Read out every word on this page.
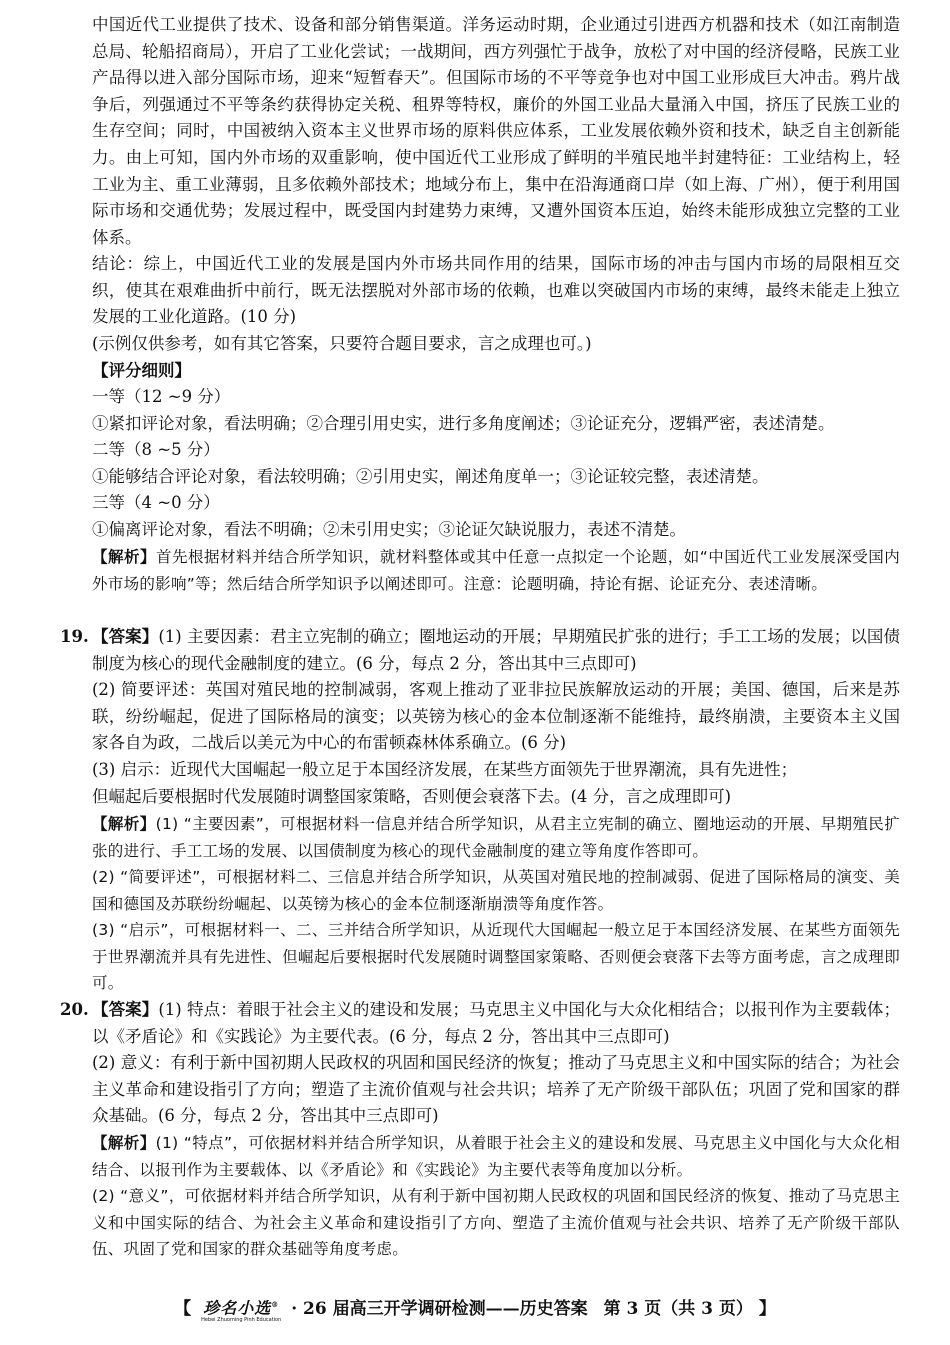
中国近代工业提供了技术、设备和部分销售渠道。洋务运动时期，企业通过引进西方机器和技术（如江南制造总局、轮船招商局），开启了工业化尝试；一战期间，西方列强忙于战争，放松了对中国的经济侵略，民族工业产品得以进入部分国际市场，迎来“短暂春天”。但国际市场的不平等竞争也对中国工业形成巨大冲击。鸦片战争后，列强通过不平等条约获得协定关税、租界等特权，廉价的外国工业品大量涌入中国，挤压了民族工业的生存空间；同时，中国被纳入资本主义世界市场的原料供应体系，工业发展依赖外资和技术，缺乏自主创新能力。由上可知，国内外市场的双重影响，使中国近代工业形成了鲜明的半殖民地半封建特征：工业结构上，轻工业为主、重工业薄弱，且多依赖外部技术；地域分布上，集中在沿海通商口岸（如上海、广州），便于利用国际市场和交通优势；发展过程中，既受国内封建势力束缚，又遭外国资本压迫，始终未能形成独立完整的工业体系。

结论：综上，中国近代工业的发展是国内外市场共同作用的结果，国际市场的冲击与国内市场的局限相互交织，使其在艰难曲折中前行，既无法摆脱对外部市场的依赖，也难以突破国内市场的束缚，最终未能走上独立发展的工业化道路。(10 分)

(示例仅供参考，如有其它答案，只要符合题目要求，言之成理也可。)

【评分细则】

一等（12 ~9 分）

①紧扣评论对象，看法明确；②合理引用史实，进行多角度阐述；③论证充分，逻辑严密，表述清楚。

二等（8 ~5 分）

①能够结合评论对象，看法较明确；②引用史实，阐述角度单一；③论证较完整，表述清楚。

三等（4 ~0 分）

①偏离评论对象，看法不明确；②未引用史实；③论证欠缺说服力，表述不清楚。

【解析】首先根据材料并结合所学知识，就材料整体或其中任意一点拟定一个论题，如“中国近代工业发展深受国内外市场的影响”等；然后结合所学知识予以阐述即可。注意：论题明确，持论有据、论证充分、表述清晰。

19. 【答案】(1) 主要因素：君主立宪制的确立；圈地运动的开展；早期殖民扩张的进行；手工工场的发展；以国债制度为核心的现代金融制度的建立。(6 分，每点 2 分，答出其中三点即可)

(2) 简要评述：英国对殖民地的控制减弱，客观上推动了亚非拉民族解放运动的开展；美国、德国，后来是苏联，纷纷崛起，促进了国际格局的演变；以英镑为核心的金本位制逐渐不能维持，最终崩溃，主要资本主义国家各自为政，二战后以美元为中心的布雷顿森林体系确立。(6 分)

(3) 启示：近现代大国崛起一般立足于本国经济发展，在某些方面领先于世界潮流，具有先进性；

但崛起后要根据时代发展随时调整国家策略，否则便会衰落下去。(4 分，言之成理即可)

【解析】(1) “主要因素”，可根据材料一信息并结合所学知识，从君主立宪制的确立、圈地运动的开展、早期殖民扩张的进行、手工工场的发展、以国债制度为核心的现代金融制度的建立等角度作答即可。

(2) “简要评述”，可根据材料二、三信息并结合所学知识，从英国对殖民地的控制减弱、促进了国际格局的演变、美国和德国及苏联纷纷崛起、以英镑为核心的金本位制逐渐崩溃等角度作答。

(3) “启示”，可根据材料一、二、三并结合所学知识，从近现代大国崛起一般立足于本国经济发展、在某些方面领先于世界潮流并具有先进性、但崛起后要根据时代发展随时调整国家策略、否则便会衰落下去等方面考虑，言之成理即可。

20. 【答案】(1) 特点：着眼于社会主义的建设和发展；马克思主义中国化与大众化相结合；以报刊作为主要载体；以《矛盾论》和《实践论》为主要代表。(6 分，每点 2 分，答出其中三点即可)

(2) 意义：有利于新中国初期人民政权的巩固和国民经济的恢复；推动了马克思主义和中国实际的结合；为社会主义革命和建设指引了方向；塑造了主流价值观与社会共识；培养了无产阶级干部队伍；巩固了党和国家的群众基础。(6 分，每点 2 分，答出其中三点即可)

【解析】(1) “特点”，可依据材料并结合所学知识，从着眼于社会主义的建设和发展、马克思主义中国化与大众化相结合、以报刊作为主要载体、以《矛盾论》和《实践论》为主要代表等角度加以分析。

(2) “意义”，可依据材料并结合所学知识，从有利于新中国初期人民政权的巩固和国民经济的恢复、推动了马克思主义和中国实际的结合、为社会主义革命和建设指引了方向、塑造了主流价值观与社会共识、培养了无产阶级干部队伍、巩固了党和国家的群众基础等角度考虑。

【 珍名小选®
Hebei Zhuoming Pinh Education
· 26 届高三开学调研检测——历史答案 第 3 页（共 3 页） 】
